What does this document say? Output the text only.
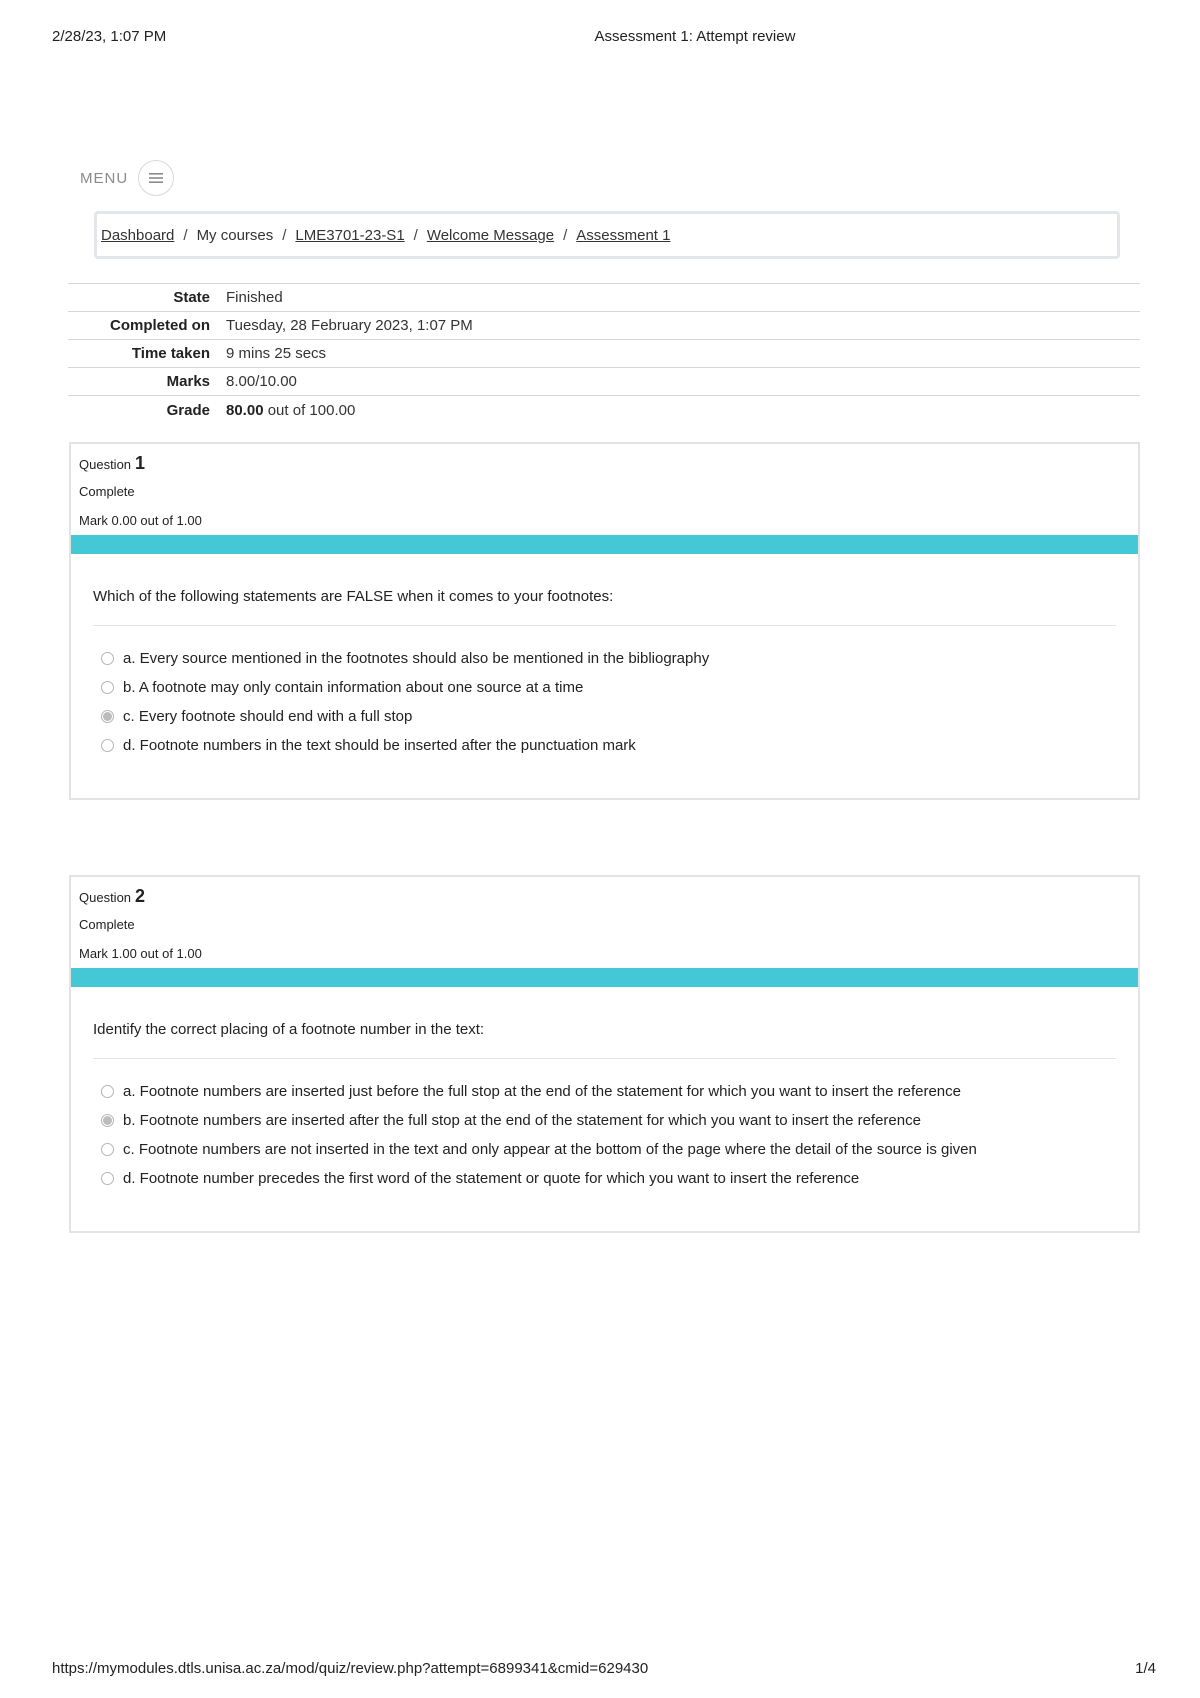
2/28/23, 1:07 PM	Assessment 1: Attempt review
MENU
Dashboard / My courses / LME3701-23-S1 / Welcome Message / Assessment 1
State	Finished
Completed on	Tuesday, 28 February 2023, 1:07 PM
Time taken	9 mins 25 secs
Marks	8.00/10.00
Grade	80.00 out of 100.00
Question 1
Complete
Mark 0.00 out of 1.00
Which of the following statements are FALSE when it comes to your footnotes:
a. Every source mentioned in the footnotes should also be mentioned in the bibliography
b. A footnote may only contain information about one source at a time
c. Every footnote should end with a full stop
d. Footnote numbers in the text should be inserted after the punctuation mark
Question 2
Complete
Mark 1.00 out of 1.00
Identify the correct placing of a footnote number in the text:
a. Footnote numbers are inserted just before the full stop at the end of the statement for which you want to insert the reference
b. Footnote numbers are inserted after the full stop at the end of the statement for which you want to insert the reference
c. Footnote numbers are not inserted in the text and only appear at the bottom of the page where the detail of the source is given
d. Footnote number precedes the first word of the statement or quote for which you want to insert the reference
https://mymodules.dtls.unisa.ac.za/mod/quiz/review.php?attempt=6899341&cmid=629430	1/4
